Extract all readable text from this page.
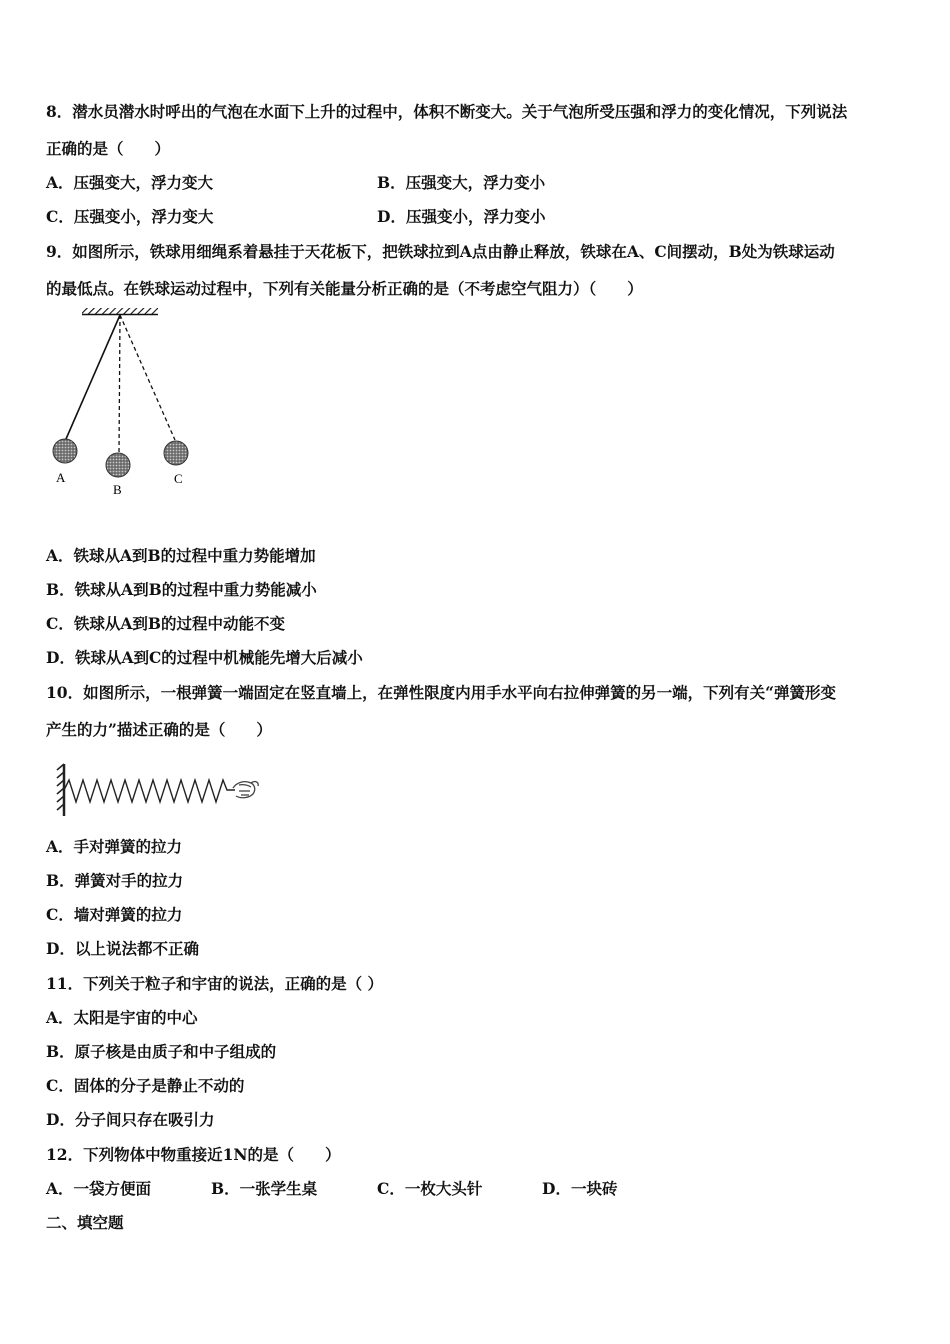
8．潜水员潜水时呼出的气泡在水面下上升的过程中，体积不断变大。关于气泡所受压强和浮力的变化情况，下列说法
正确的是（　　）
A．压强变大，浮力变大	B．压强变大，浮力变小
C．压强变小，浮力变大	D．压强变小，浮力变小
9．如图所示，铁球用细绳系着悬挂于天花板下，把铁球拉到A点由静止释放，铁球在A、C间摆动，B处为铁球运动
的最低点。在铁球运动过程中，下列有关能量分析正确的是（不考虑空气阻力）（　　）
A
B
C
A．铁球从A到B的过程中重力势能增加
B．铁球从A到B的过程中重力势能减小
C．铁球从A到B的过程中动能不变
D．铁球从A到C的过程中机械能先增大后减小
10．如图所示，一根弹簧一端固定在竖直墙上，在弹性限度内用手水平向右拉伸弹簧的另一端，下列有关“弹簧形变
产生的力”描述正确的是（　　）
A．手对弹簧的拉力
B．弹簧对手的拉力
C．墙对弹簧的拉力
D．以上说法都不正确
11．下列关于粒子和宇宙的说法，正确的是（ ）
A．太阳是宇宙的中心
B．原子核是由质子和中子组成的
C．固体的分子是静止不动的
D．分子间只存在吸引力
12．下列物体中物重接近1N的是（　　）
A．一袋方便面	B．一张学生桌	C．一枚大头针	D．一块砖
二、填空题
